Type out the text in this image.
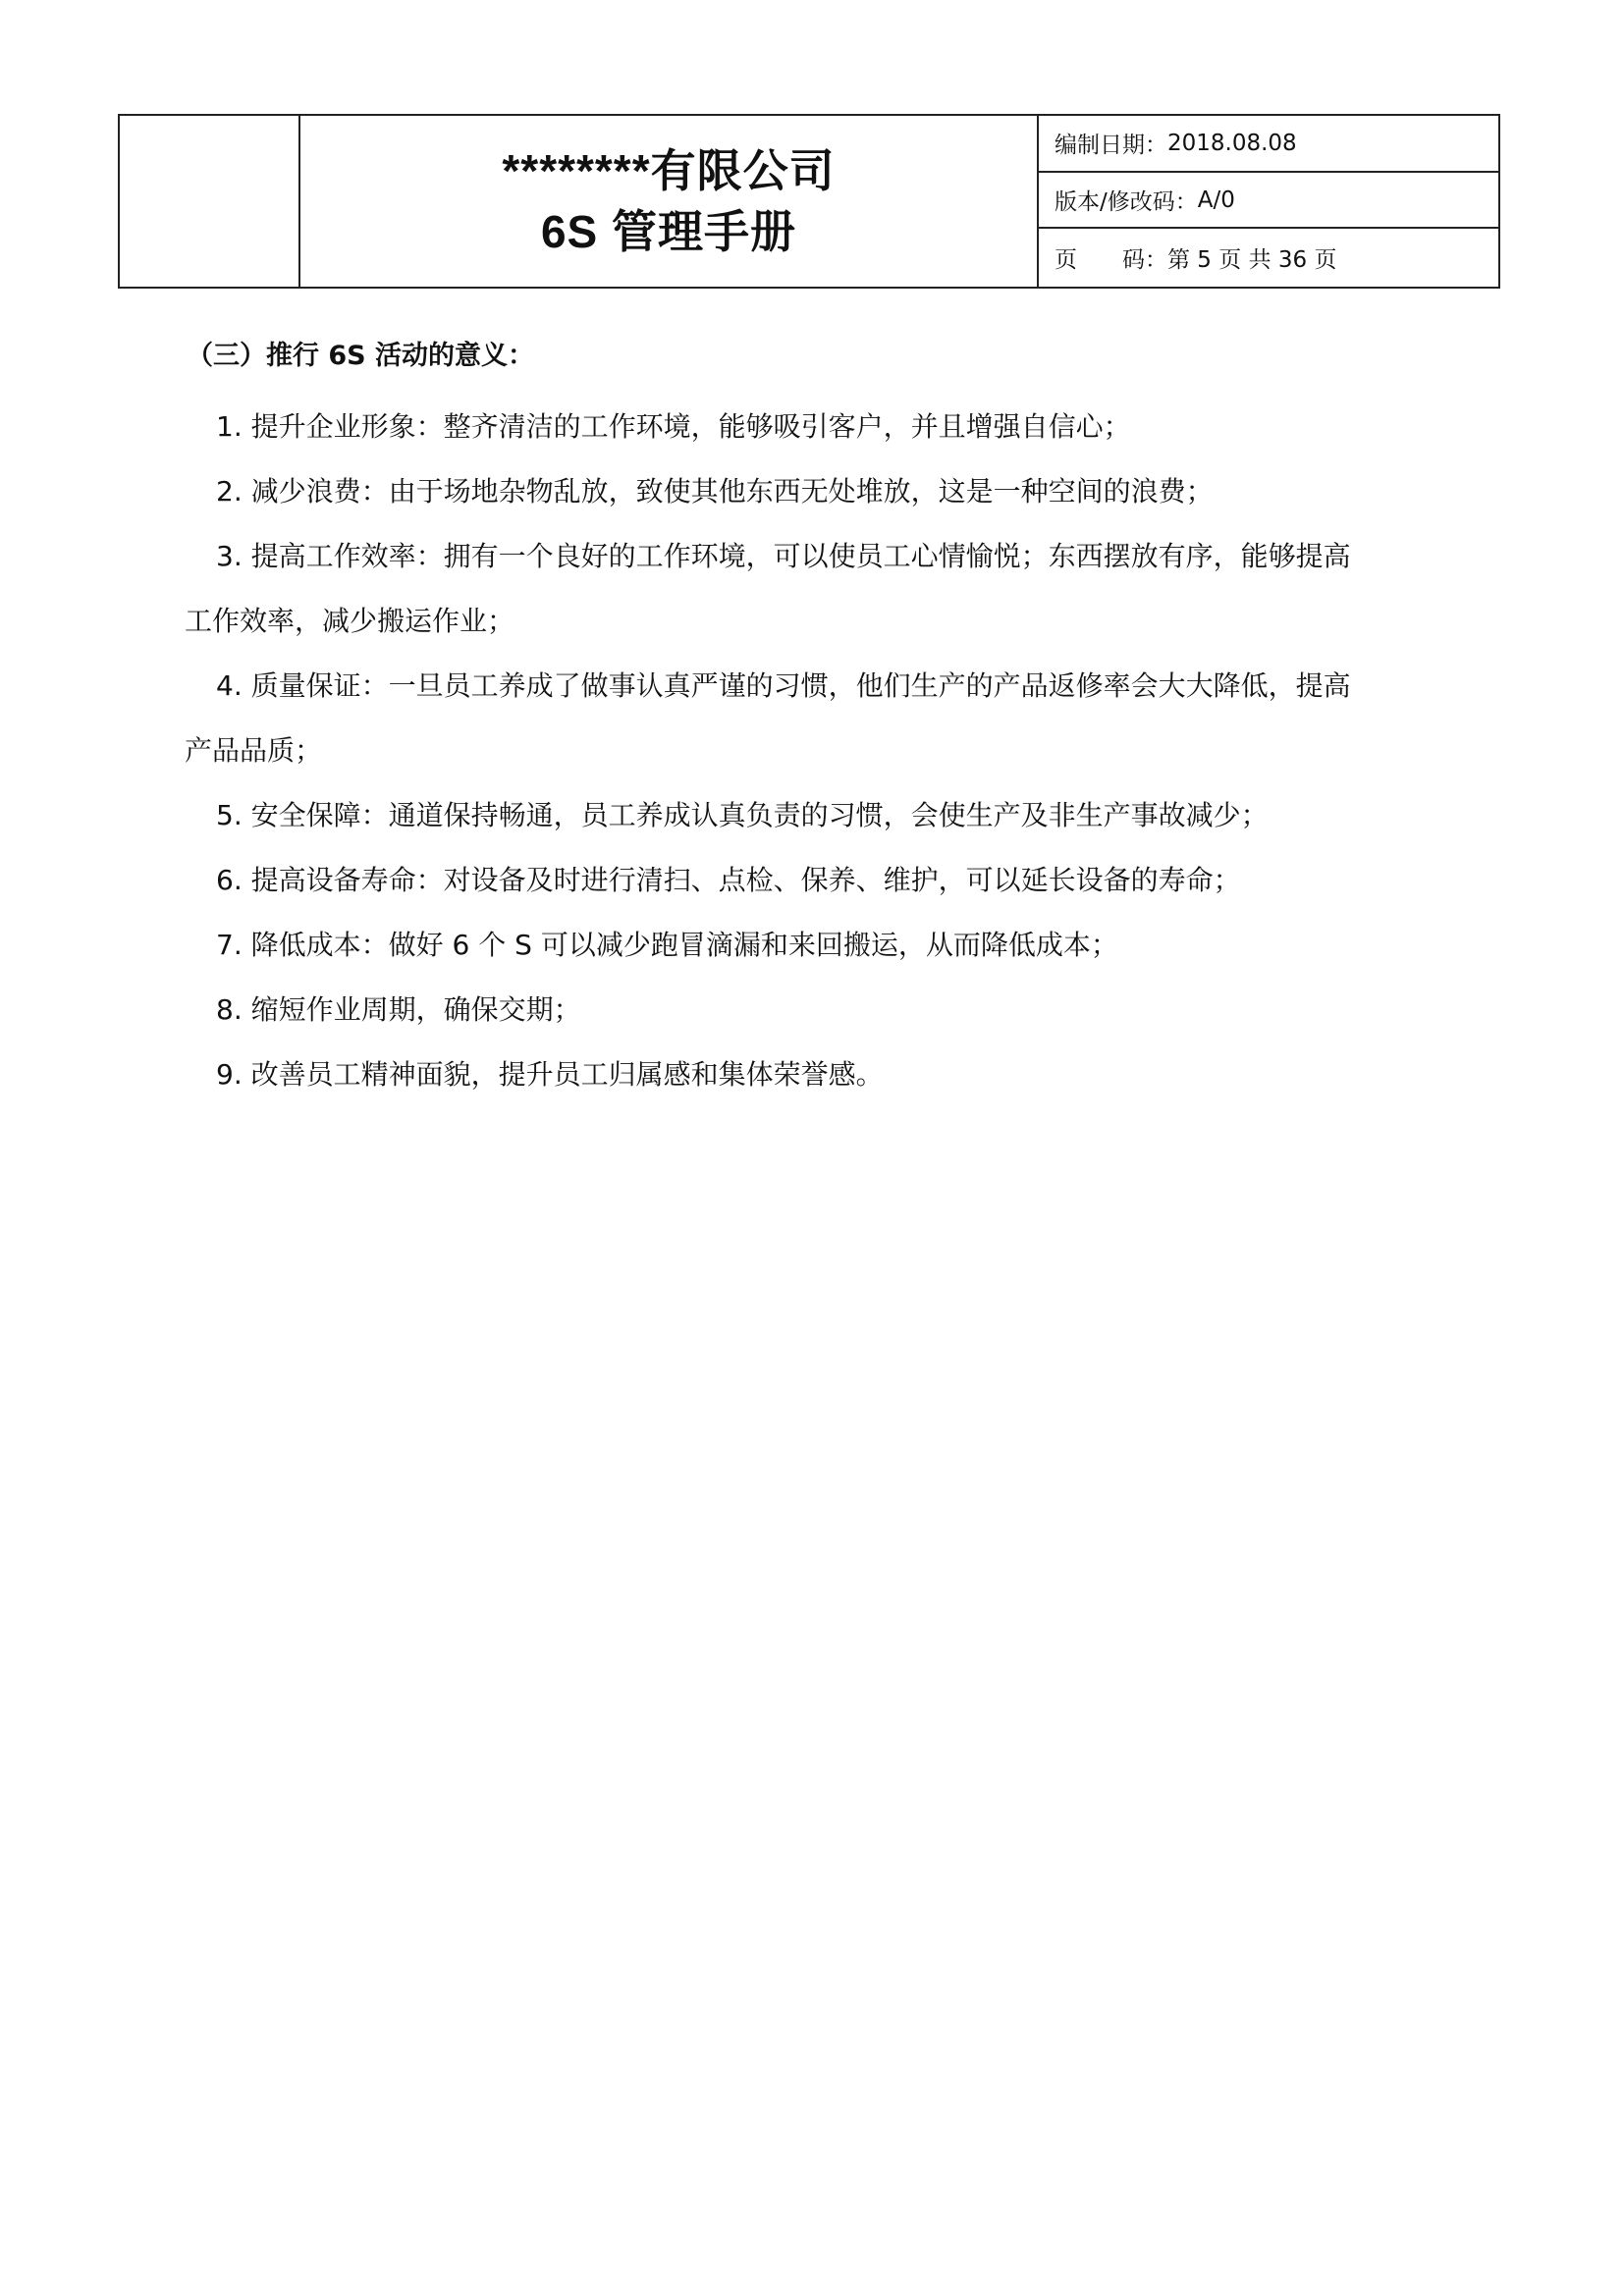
********有限公司
6S 管理手册
编制日期： 2018.08.08
版本/修改码： A/0
页　　码： 第 5 页 共 36 页

（三）推行 6S 活动的意义：

1. 提升企业形象：整齐清洁的工作环境，能够吸引客户，并且增强自信心；

2. 减少浪费：由于场地杂物乱放，致使其他东西无处堆放，这是一种空间的浪费；

3. 提高工作效率：拥有一个良好的工作环境，可以使员工心情愉悦；东西摆放有序，能够提高
工作效率，减少搬运作业；

4. 质量保证：一旦员工养成了做事认真严谨的习惯，他们生产的产品返修率会大大降低，提高
产品品质；

5. 安全保障：通道保持畅通，员工养成认真负责的习惯，会使生产及非生产事故减少；

6. 提高设备寿命：对设备及时进行清扫、点检、保养、维护，可以延长设备的寿命；

7. 降低成本：做好 6 个 S 可以减少跑冒滴漏和来回搬运，从而降低成本；

8. 缩短作业周期，确保交期；

9. 改善员工精神面貌，提升员工归属感和集体荣誉感。
